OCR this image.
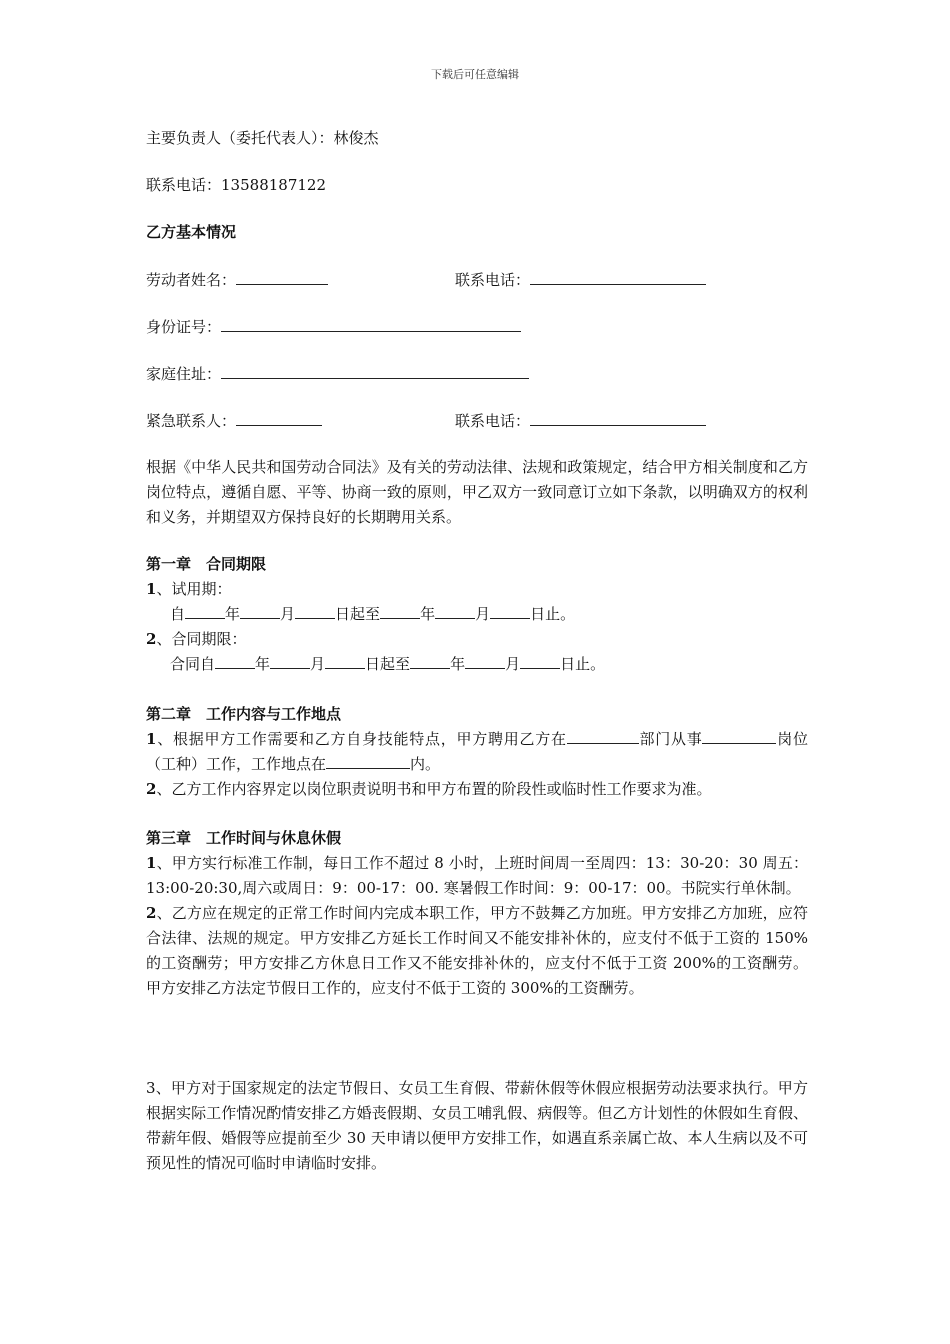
下载后可任意编辑
主要负责人（委托代表人）：林俊杰
联系电话：13588187122
乙方基本情况
劳动者姓名：	联系电话：
身份证号：
家庭住址：
紧急联系人：	联系电话：
根据《中华人民共和国劳动合同法》及有关的劳动法律、法规和政策规定，结合甲方相关制度和乙方岗位特点，遵循自愿、平等、协商一致的原则，甲乙双方一致同意订立如下条款，以明确双方的权利和义务，并期望双方保持良好的长期聘用关系。

第一章　合同期限

1、试用期：

自	年	月	日起至	年	月	日止。

2、合同期限：

合同自	年	月	日起至	年	月	日止。

第二章　工作内容与工作地点

1、根据甲方工作需要和乙方自身技能特点，甲方聘用乙方在	部门从事	岗位（工种）工作，工作地点在	内。

2、乙方工作内容界定以岗位职责说明书和甲方布置的阶段性或临时性工作要求为准。

第三章　工作时间与休息休假

1、甲方实行标准工作制，每日工作不超过 8 小时，上班时间周一至周四：13：30-20：30 周五：13:00-20:30,周六或周日：9：00-17：00. 寒暑假工作时间：9：00-17：00。书院实行单休制。

2、乙方应在规定的正常工作时间内完成本职工作，甲方不鼓舞乙方加班。甲方安排乙方加班，应符合法律、法规的规定。甲方安排乙方延长工作时间又不能安排补休的，应支付不低于工资的 150%的工资酬劳；甲方安排乙方休息日工作又不能安排补休的，应支付不低于工资 200%的工资酬劳。甲方安排乙方法定节假日工作的，应支付不低于工资的 300%的工资酬劳。

3、甲方对于国家规定的法定节假日、女员工生育假、带薪休假等休假应根据劳动法要求执行。甲方根据实际工作情况酌情安排乙方婚丧假期、女员工哺乳假、病假等。但乙方计划性的休假如生育假、带薪年假、婚假等应提前至少 30 天申请以便甲方安排工作，如遇直系亲属亡故、本人生病以及不可预见性的情况可临时申请临时安排。
